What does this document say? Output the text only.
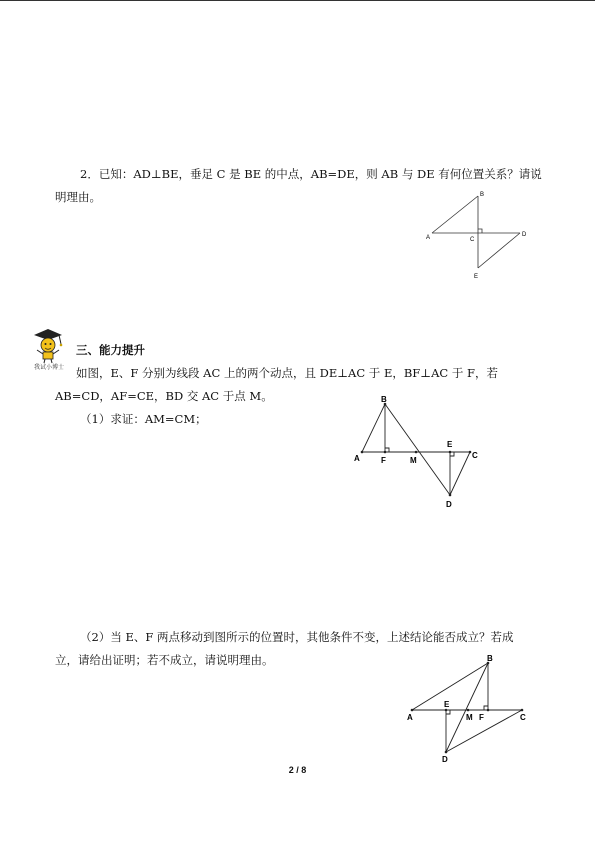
2．已知：AD⊥BE，垂足 C 是 BE 的中点，AB=DE，则 AB 与 DE 有何位置关系？请说
明理由。
A
B
C
D
E
我试小博士
三、能力提升
如图，E、F 分别为线段 AC 上的两个动点，且 DE⊥AC 于 E，BF⊥AC 于 F，若
AB=CD，AF=CE，BD 交 AC 于点 M。
（1）求证：AM=CM；
A
B
C
D
E
F	M
（2）当 E、F 两点移动到图所示的位置时，其他条件不变，上述结论能否成立？若成
立，请给出证明；若不成立，请说明理由。
A
B
C
D
E
F
M
2 / 8
